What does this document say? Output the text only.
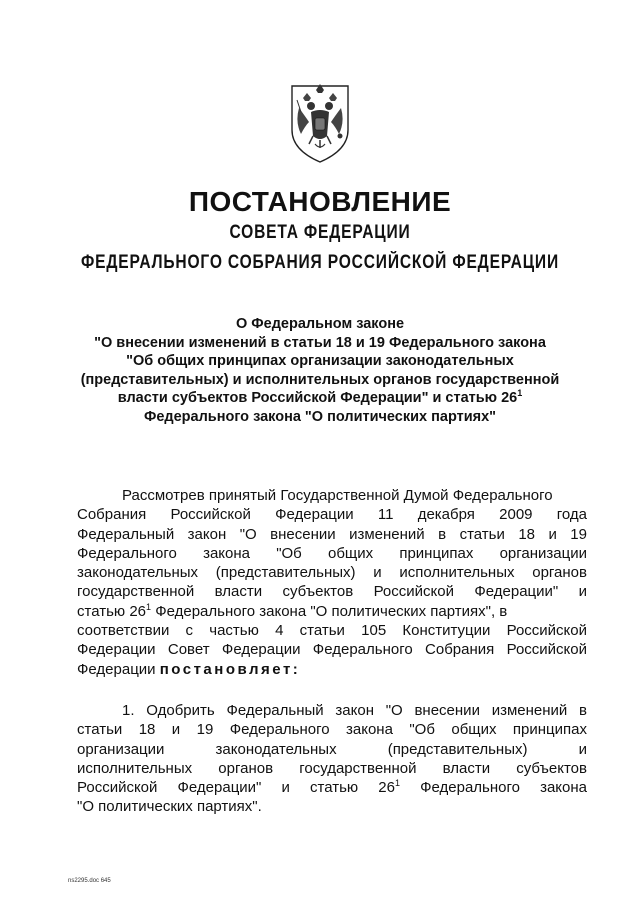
ПОСТАНОВЛЕНИЕ
СОВЕТА ФЕДЕРАЦИИ
ФЕДЕРАЛЬНОГО СОБРАНИЯ РОССИЙСКОЙ ФЕДЕРАЦИИ
О Федеральном законе
"О внесении изменений в статьи 18 и 19 Федерального закона
"Об общих принципах организации законодательных
(представительных) и исполнительных органов государственной
власти субъектов Российской Федерации" и статью $26^1$
Федерального закона "О политических партиях"
Рассмотрев принятый Государственной Думой Федерального
Собрания Российской Федерации 11 декабря 2009 года
Федеральный закон "О внесении изменений в статьи 18 и 19
Федерального закона "Об общих принципах организации
законодательных (представительных) и исполнительных органов
государственной власти субъектов Российской Федерации" и
статью $26^1$ Федерального закона "О политических партиях", в
соответствии с частью 4 статьи 105 Конституции Российской
Федерации Совет Федерации Федерального Собрания Российской
Федерации постановляет:
1. Одобрить Федеральный закон "О внесении изменений в
статьи 18 и 19 Федерального закона "Об общих принципах
организации законодательных (представительных) и
исполнительных органов государственной власти субъектов
Российской Федерации" и статью $26^1$ Федерального закона
"О политических партиях".
ns2295.doc 645
